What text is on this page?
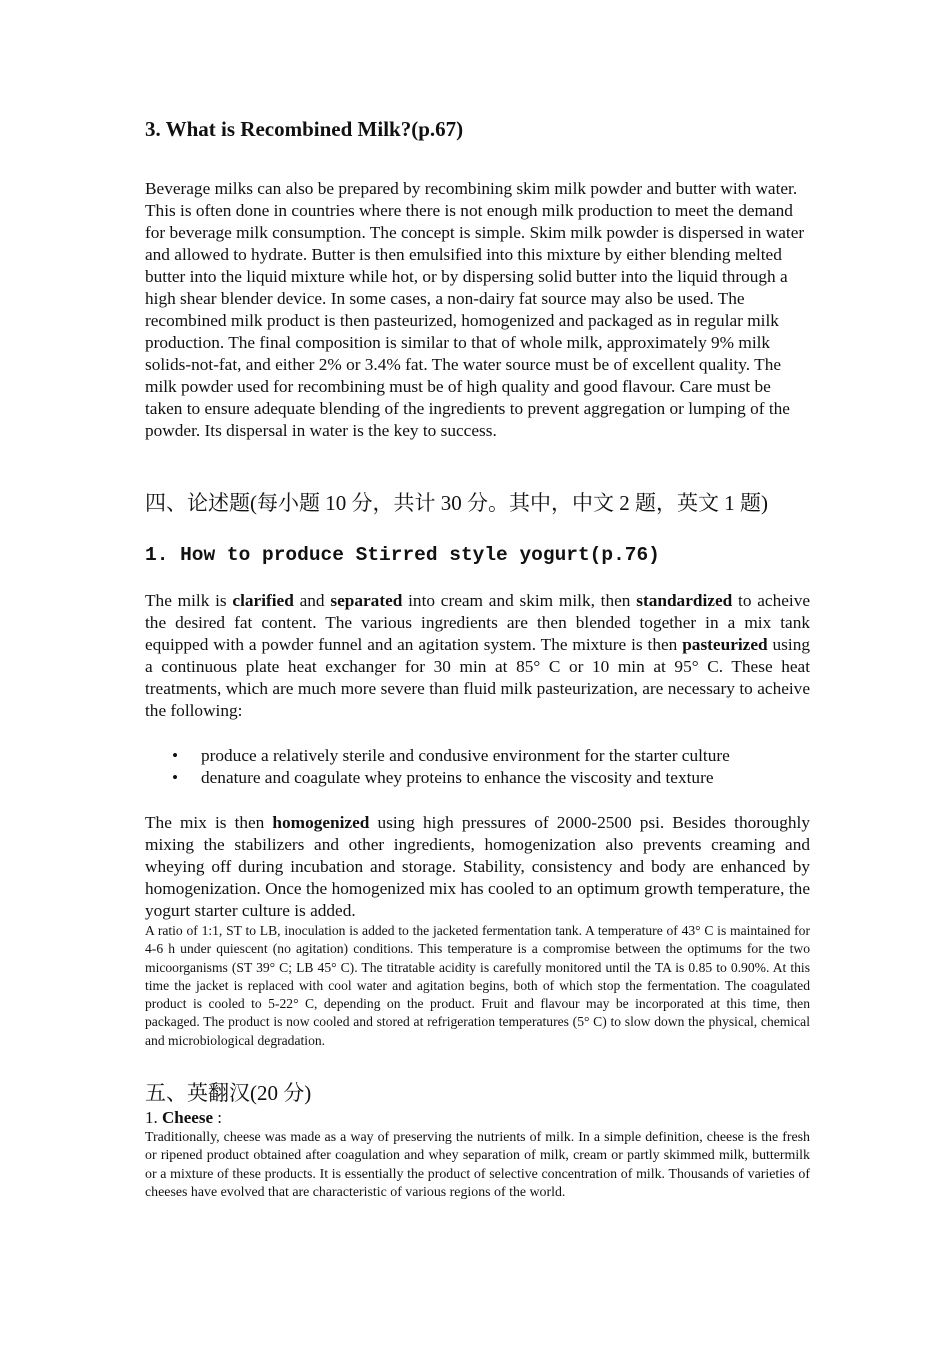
3. What is Recombined Milk?(p.67)
Beverage milks can also be prepared by recombining skim milk powder and butter with water. This is often done in countries where there is not enough milk production to meet the demand for beverage milk consumption. The concept is simple. Skim milk powder is dispersed in water and allowed to hydrate. Butter is then emulsified into this mixture by either blending melted butter into the liquid mixture while hot, or by dispersing solid butter into the liquid through a high shear blender device. In some cases, a non-dairy fat source may also be used. The recombined milk product is then pasteurized, homogenized and packaged as in regular milk production. The final composition is similar to that of whole milk, approximately 9% milk solids-not-fat, and either 2% or 3.4% fat. The water source must be of excellent quality. The milk powder used for recombining must be of high quality and good flavour. Care must be taken to ensure adequate blending of the ingredients to prevent aggregation or lumping of the powder. Its dispersal in water is the key to success.
四、论述题(每小题 10 分，共计 30 分。其中，中文 2 题，英文 1 题)
1. How to produce Stirred style yogurt(p.76)
The milk is clarified and separated into cream and skim milk, then standardized to acheive the desired fat content. The various ingredients are then blended together in a mix tank equipped with a powder funnel and an agitation system. The mixture is then pasteurized using a continuous plate heat exchanger for 30 min at 85° C or 10 min at 95° C. These heat treatments, which are much more severe than fluid milk pasteurization, are necessary to acheive the following:
• produce a relatively sterile and condusive environment for the starter culture
• denature and coagulate whey proteins to enhance the viscosity and texture
The mix is then homogenized using high pressures of 2000-2500 psi. Besides thoroughly mixing the stabilizers and other ingredients, homogenization also prevents creaming and wheying off during incubation and storage. Stability, consistency and body are enhanced by homogenization. Once the homogenized mix has cooled to an optimum growth temperature, the yogurt starter culture is added.
A ratio of 1:1, ST to LB, inoculation is added to the jacketed fermentation tank. A temperature of 43° C is maintained for 4-6 h under quiescent (no agitation) conditions. This temperature is a compromise between the optimums for the two micoorganisms (ST 39° C; LB 45° C). The titratable acidity is carefully monitored until the TA is 0.85 to 0.90%. At this time the jacket is replaced with cool water and agitation begins, both of which stop the fermentation. The coagulated product is cooled to 5-22° C, depending on the product. Fruit and flavour may be incorporated at this time, then packaged. The product is now cooled and stored at refrigeration temperatures (5° C) to slow down the physical, chemical and microbiological degradation.
五、英翻汉(20 分)
1. Cheese :
Traditionally, cheese was made as a way of preserving the nutrients of milk. In a simple definition, cheese is the fresh or ripened product obtained after coagulation and whey separation of milk, cream or partly skimmed milk, buttermilk or a mixture of these products. It is essentially the product of selective concentration of milk. Thousands of varieties of cheeses have evolved that are characteristic of various regions of the world.
